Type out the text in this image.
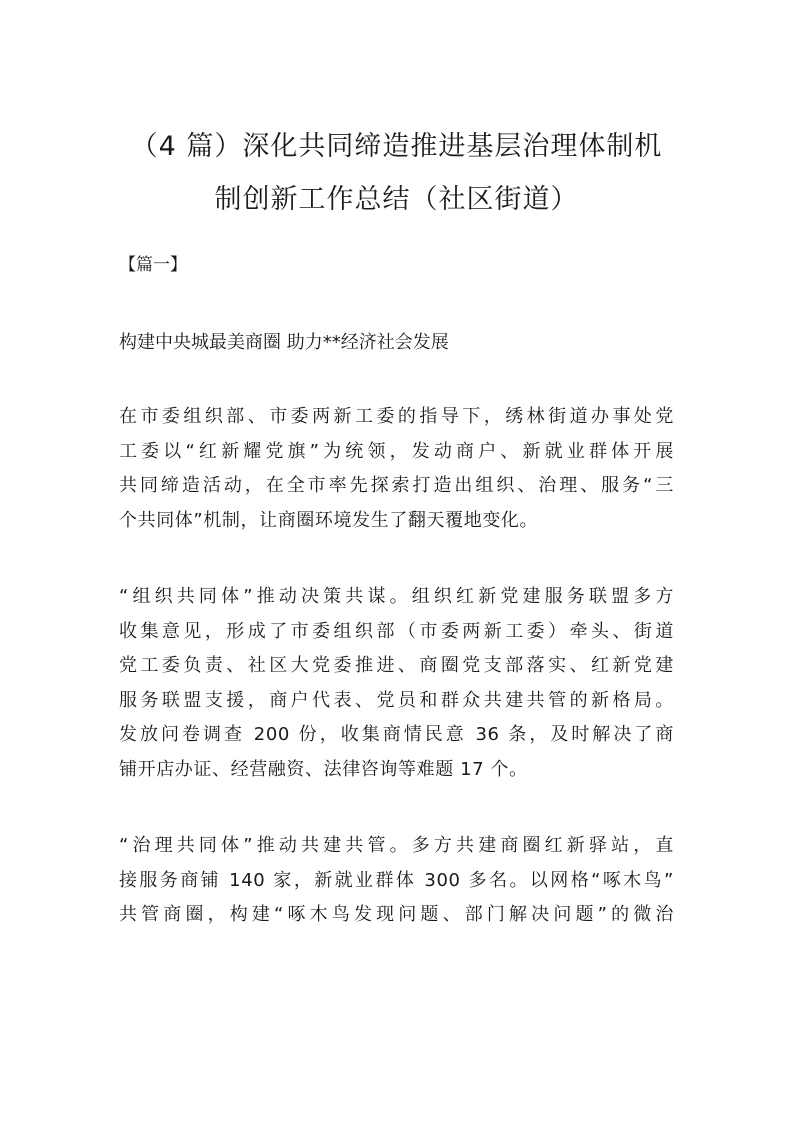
（4 篇）深化共同缔造推进基层治理体制机
制创新工作总结（社区街道）
【篇一】
构建中央城最美商圈 助力**经济社会发展
在市委组织部、市委两新工委的指导下，绣林街道办事处党
工委以“红新耀党旗”为统领，发动商户、新就业群体开展
共同缔造活动，在全市率先探索打造出组织、治理、服务“三
个共同体”机制，让商圈环境发生了翻天覆地变化。
“组织共同体”推动决策共谋。组织红新党建服务联盟多方
收集意见，形成了市委组织部（市委两新工委）牵头、街道
党工委负责、社区大党委推进、商圈党支部落实、红新党建
服务联盟支援，商户代表、党员和群众共建共管的新格局。
发放问卷调查 200 份，收集商情民意 36 条，及时解决了商
铺开店办证、经营融资、法律咨询等难题 17 个。
“治理共同体”推动共建共管。多方共建商圈红新驿站，直
接服务商铺 140 家，新就业群体 300 多名。以网格“啄木鸟”
共管商圈，构建“啄木鸟发现问题、部门解决问题”的微治
